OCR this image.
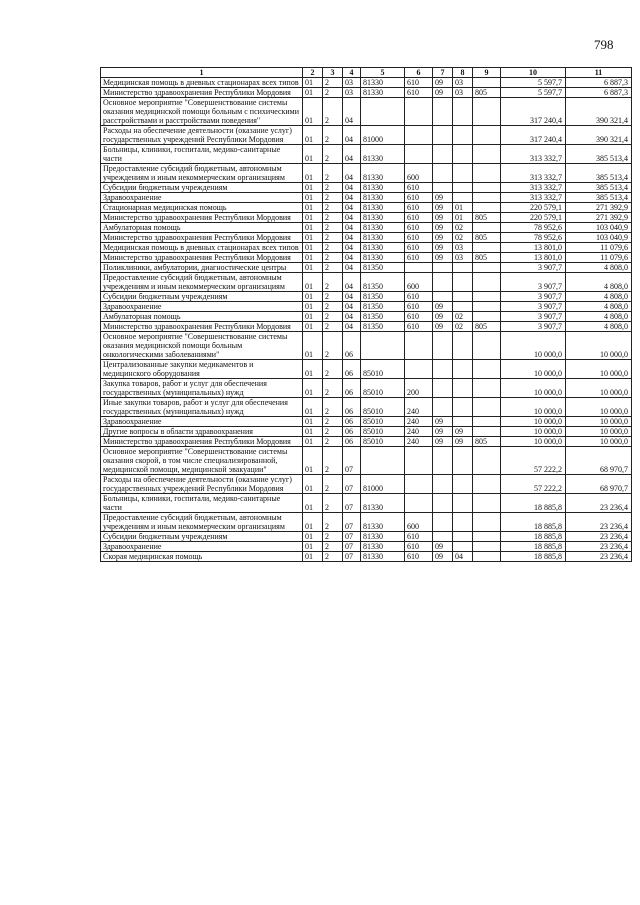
798
1	2	3	4	5	6	7	8	9	10	11
Медицинская помощь в дневных стационарах всех типов	01	2	03	81330	610	09	03		5 597,7	6 887,3
Министерство здравоохранения Республики Мордовия	01	2	03	81330	610	09	03	805	5 597,7	6 887,3
Основное мероприятие "Совершенствование системы оказания медицинской помощи больным с психическими расстройствами и расстройствами поведения"	01	2	04						317 240,4	390 321,4
Расходы на обеспечение деятельности (оказание услуг) государственных учреждений Республики Мордовия	01	2	04	81000					317 240,4	390 321,4
Больницы, клиники, госпитали, медико-санитарные части	01	2	04	81330					313 332,7	385 513,4
Предоставление субсидий бюджетным, автономным учреждениям и иным некоммерческим организациям	01	2	04	81330	600				313 332,7	385 513,4
Субсидии бюджетным учреждениям	01	2	04	81330	610				313 332,7	385 513,4
Здравоохранение	01	2	04	81330	610	09			313 332,7	385 513,4
Стационарная медицинская помощь	01	2	04	81330	610	09	01		220 579,1	271 392,9
Министерство здравоохранения Республики Мордовия	01	2	04	81330	610	09	01	805	220 579,1	271 392,9
Амбулаторная помощь	01	2	04	81330	610	09	02		78 952,6	103 040,9
Министерство здравоохранения Республики Мордовия	01	2	04	81330	610	09	02	805	78 952,6	103 040,9
Медицинская помощь в дневных стационарах всех типов	01	2	04	81330	610	09	03		13 801,0	11 079,6
Министерство здравоохранения Республики Мордовия	01	2	04	81330	610	09	03	805	13 801,0	11 079,6
Поликлиники, амбулатории, диагностические центры	01	2	04	81350					3 907,7	4 808,0
Предоставление субсидий бюджетным, автономным учреждениям и иным некоммерческим организациям	01	2	04	81350	600				3 907,7	4 808,0
Субсидии бюджетным учреждениям	01	2	04	81350	610				3 907,7	4 808,0
Здравоохранение	01	2	04	81350	610	09			3 907,7	4 808,0
Амбулаторная помощь	01	2	04	81350	610	09	02		3 907,7	4 808,0
Министерство здравоохранения Республики Мордовия	01	2	04	81350	610	09	02	805	3 907,7	4 808,0
Основное мероприятие "Совершенствование системы оказания медицинской помощи больным онкологическими заболеваниями"	01	2	06						10 000,0	10 000,0
Централизованные закупки медикаментов и медицинского оборудования	01	2	06	85010					10 000,0	10 000,0
Закупка товаров, работ и услуг для обеспечения государственных (муниципальных) нужд	01	2	06	85010	200				10 000,0	10 000,0
Иные закупки товаров, работ и услуг для обеспечения государственных (муниципальных) нужд	01	2	06	85010	240				10 000,0	10 000,0
Здравоохранение	01	2	06	85010	240	09			10 000,0	10 000,0
Другие вопросы в области здравоохранения	01	2	06	85010	240	09	09		10 000,0	10 000,0
Министерство здравоохранения Республики Мордовия	01	2	06	85010	240	09	09	805	10 000,0	10 000,0
Основное мероприятие "Совершенствование системы оказания скорой, в том числе специализированной, медицинской помощи, медицинской эвакуации"	01	2	07						57 222,2	68 970,7
Расходы на обеспечение деятельности (оказание услуг) государственных учреждений Республики Мордовия	01	2	07	81000					57 222,2	68 970,7
Больницы, клиники, госпитали, медико-санитарные части	01	2	07	81330					18 885,8	23 236,4
Предоставление субсидий бюджетным, автономным учреждениям и иным некоммерческим организациям	01	2	07	81330	600				18 885,8	23 236,4
Субсидии бюджетным учреждениям	01	2	07	81330	610				18 885,8	23 236,4
Здравоохранение	01	2	07	81330	610	09			18 885,8	23 236,4
Скорая медицинская помощь	01	2	07	81330	610	09	04		18 885,8	23 236,4
